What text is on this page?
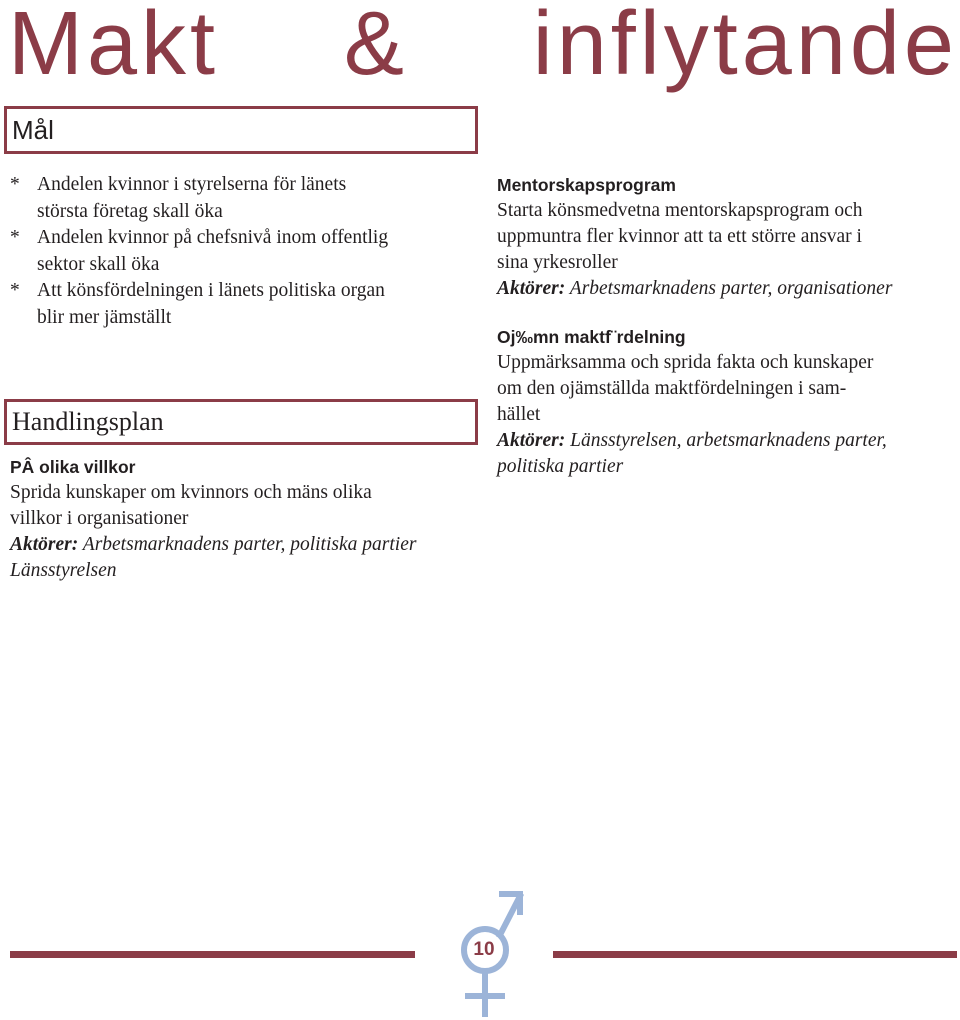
Makt & inflytande
Mål
* Andelen kvinnor i styrelserna för länets
största företag skall öka
* Andelen kvinnor på chefsnivå inom offentlig
sektor skall öka
* Att könsfördelningen i länets politiska organ
blir mer jämställt
Handlingsplan
PÂ olika villkor
Sprida kunskaper om kvinnors och mäns olika
villkor i organisationer
Aktörer: Arbetsmarknadens parter, politiska partier
Länsstyrelsen
Mentorskapsprogram
Starta könsmedvetna mentorskapsprogram och
uppmuntra fler kvinnor att ta ett större ansvar i
sina yrkesroller
Aktörer: Arbetsmarknadens parter, organisationer
Oj‰mn maktf¨rdelning
Uppmärksamma och sprida fakta och kunskaper
om den ojämställda maktfördelningen i sam-
hället
Aktörer: Länsstyrelsen, arbetsmarknadens parter,
politiska partier
10
